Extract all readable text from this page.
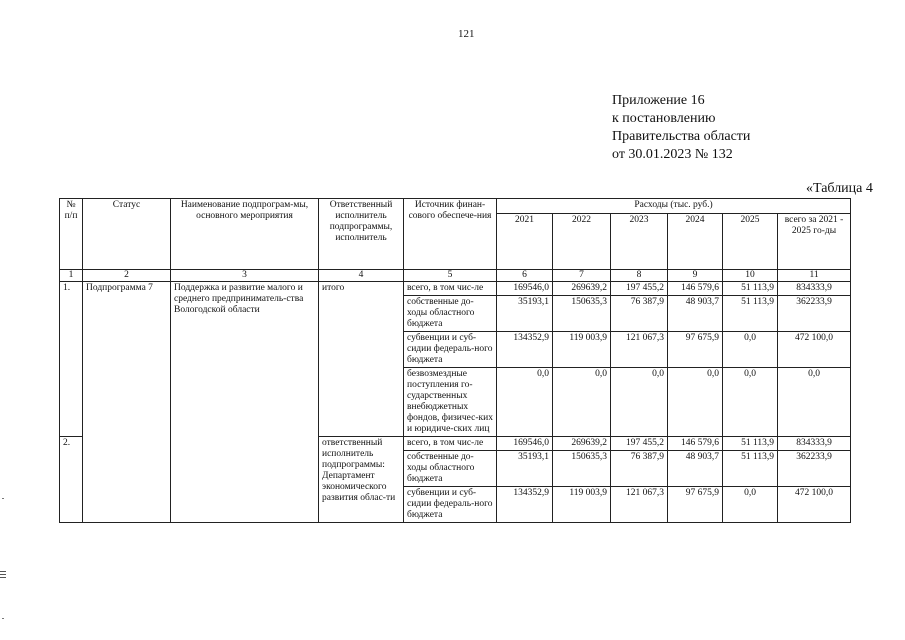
121
Приложение 16
к постановлению
Правительства области
от 30.01.2023 № 132
«Таблица 4
№ п/п	Статус	Наименование подпрограм-мы, основного мероприятия	Ответственный исполнитель подпрограммы, исполнитель	Источник финан-сового обеспече-ния	Расходы (тыс. руб.)					
					2021	2022	2023	2024	2025	всего за 2021 - 2025 го-ды
1	2	3	4	5	6	7	8	9	10	11
1.	Подпрограмма 7	Поддержка и развитие малого и среднего предприниматель-ства Вологодской области	итого	всего, в том чис-ле	169546,0	269639,2	197 455,2	146 579,6	51 113,9	834333,9
				собственные до-ходы областного бюджета	35193,1	150635,3	76 387,9	48 903,7	51 113,9	362233,9
				субвенции и суб-сидии федераль-ного бюджета	134352,9	119 003,9	121 067,3	97 675,9	0,0	472 100,0
				безвозмездные поступления го-сударственных внебюджетных фондов, физичес-ких и юридиче-ских лиц	0,0	0,0	0,0	0,0	0,0	0,0
2.			ответственный исполнитель подпрограммы: Департамент экономического развития облас-ти	всего, в том чис-ле	169546,0	269639,2	197 455,2	146 579,6	51 113,9	834333,9
				собственные до-ходы областного бюджета	35193,1	150635,3	76 387,9	48 903,7	51 113,9	362233,9
				субвенции и суб-сидии федераль-ного бюджета	134352,9	119 003,9	121 067,3	97 675,9	0,0	472 100,0
